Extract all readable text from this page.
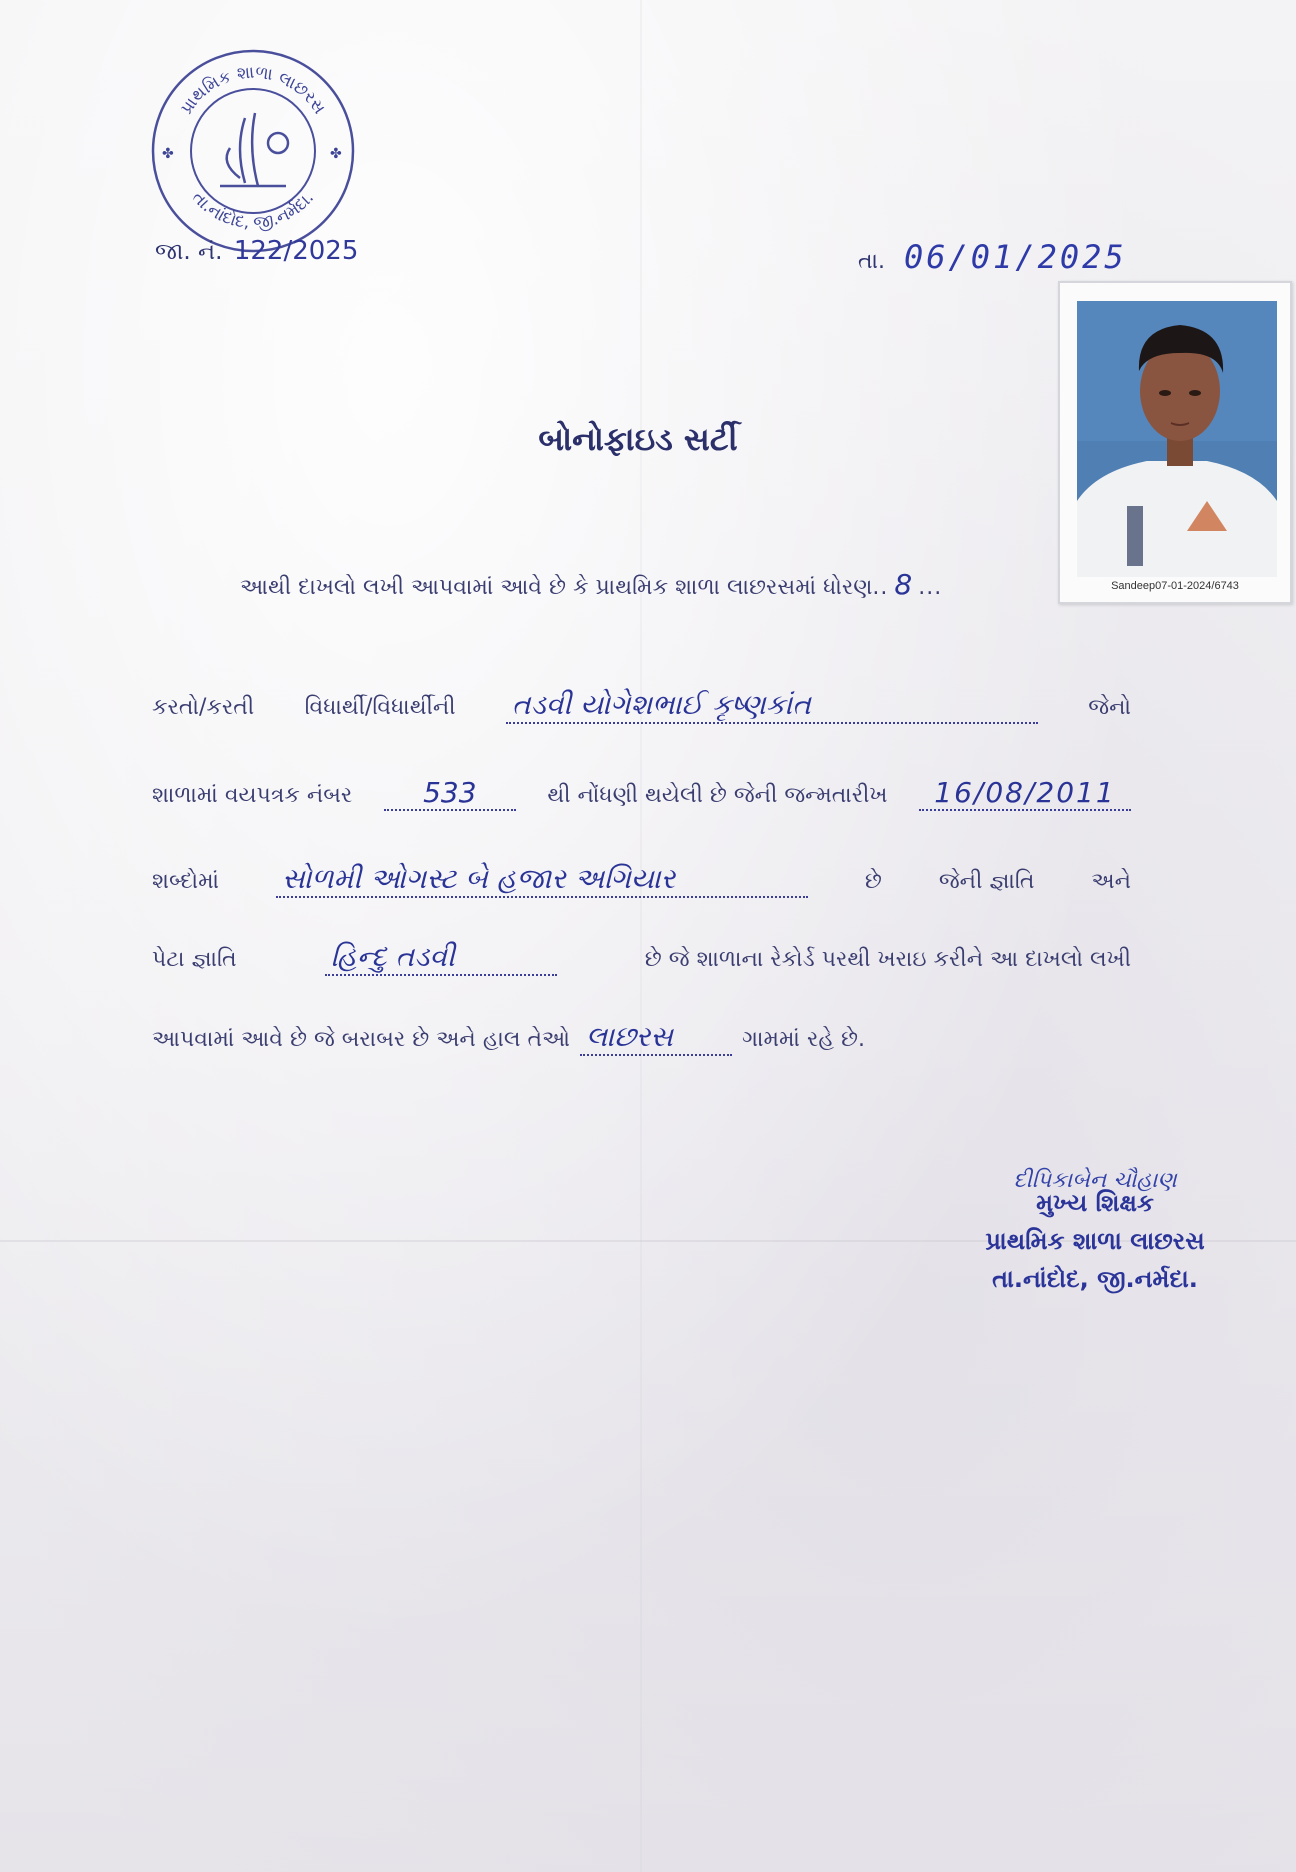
પ્રાથમિક શાળા લાછરસ
તા.નાંદોદ, જી.નર્મદા.
✤	✤
જા. નં. 122/2025	તા. 06/01/2025
Sandeep07-01-2024/6743
બોનોફાઇડ સર્ટી
આથી દાખલો લખી આપવામાં આવે છે કે પ્રાથમિક શાળા લાછરસમાં ધોરણ .. 8 ...
કરતો/કરતી વિધાર્થી/વિધાર્થીની તડવી યોગેશભાઈ કૃષ્ણકાંત	જેનો
શાળામાં વયપત્રક નંબર	533	થી નોંધણી થયેલી છે જેની જન્મતારીખ	16/08/2011
શબ્દોમાં સોળમી ઓગસ્ટ બે હજાર અગિયાર	છે	જેની જ્ઞાતિ	અને
પેટા જ્ઞાતિ	હિન્દુ તડવી	છે જે શાળાના રેકોર્ડ પરથી ખરાઇ કરીને આ દાખલો લખી
આપવામાં આવે છે જે બરાબર છે અને હાલ તેઓ લાછરસ	ગામમાં રહે છે.
દીપિકાબેન ચૌહાણ
મુખ્ય શિક્ષક
પ્રાથમિક શાળા લાછરસ
તા.નાંદોદ, જી.નર્મદા.
